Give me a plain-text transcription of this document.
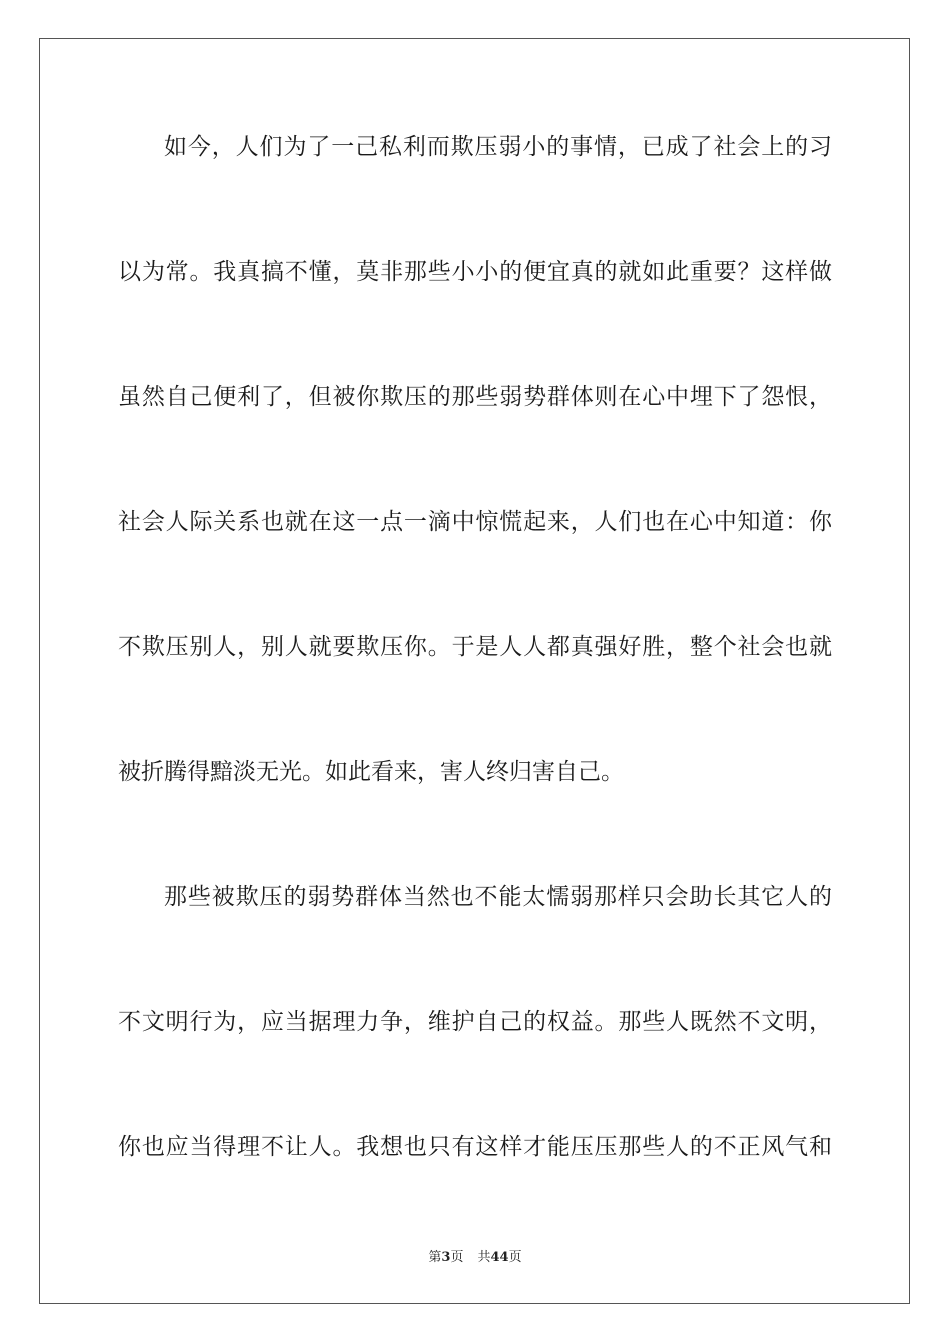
如今，人们为了一己私利而欺压弱小的事情，已成了社会上的习
以为常。我真搞不懂，莫非那些小小的便宜真的就如此重要？这样做
虽然自己便利了，但被你欺压的那些弱势群体则在心中埋下了怨恨，
社会人际关系也就在这一点一滴中惊慌起来，人们也在心中知道：你
不欺压别人，别人就要欺压你。于是人人都真强好胜，整个社会也就
被折腾得黯淡无光。如此看来，害人终归害自己。
那些被欺压的弱势群体当然也不能太懦弱那样只会助长其它人的
不文明行为，应当据理力争，维护自己的权益。那些人既然不文明，
你也应当得理不让人。我想也只有这样才能压压那些人的不正风气和
第3页 共44页
